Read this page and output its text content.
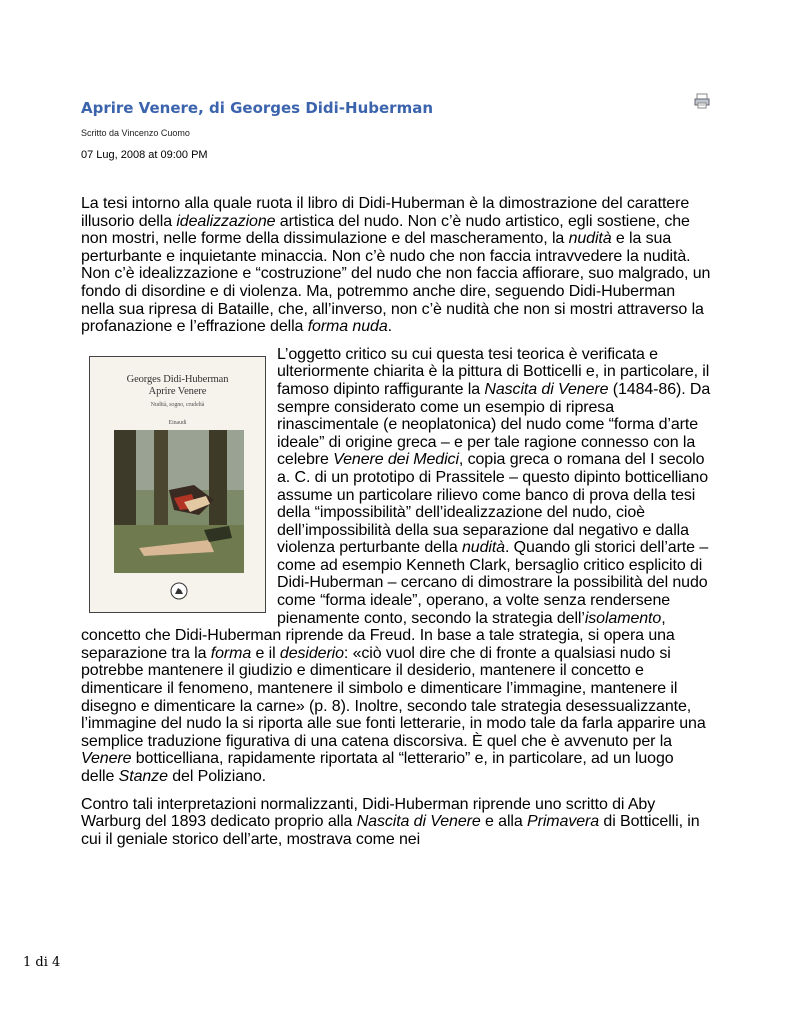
Aprire Venere, di Georges Didi-Huberman
Scritto da Vincenzo Cuomo
07 Lug, 2008 at 09:00 PM

La tesi intorno alla quale ruota il libro di Didi-Huberman è la dimostrazione del carattere illusorio della idealizzazione artistica del nudo. Non c’è nudo artistico, egli sostiene, che non mostri, nelle forme della dissimulazione e del mascheramento, la nudità e la sua perturbante e inquietante minaccia. Non c’è nudo che non faccia intravvedere la nudità. Non c’è idealizzazione e “costruzione” del nudo che non faccia affiorare, suo malgrado, un fondo di disordine e di violenza. Ma, potremmo anche dire, seguendo Didi-Huberman nella sua ripresa di Bataille, che, all’inverso, non c’è nudità che non si mostri attraverso la profanazione e l’effrazione della forma nuda.

Georges Didi-Huberman
Aprire Venere
Nudità, sogno, crudeltà
Einaudi

L’oggetto critico su cui questa tesi teorica è verificata e ulteriormente chiarita è la pittura di Botticelli e, in particolare, il famoso dipinto raffigurante la Nascita di Venere (1484-86). Da sempre considerato come un esempio di ripresa rinascimentale (e neoplatonica) del nudo come “forma d’arte ideale” di origine greca – e per tale ragione connesso con la celebre Venere dei Medici, copia greca o romana del I secolo a. C. di un prototipo di Prassitele – questo dipinto botticelliano assume un particolare rilievo come banco di prova della tesi della “impossibilità” dell’idealizzazione del nudo, cioè dell’impossibilità della sua separazione dal negativo e dalla violenza perturbante della nudità. Quando gli storici dell’arte – come ad esempio Kenneth Clark, bersaglio critico esplicito di Didi-Huberman – cercano di dimostrare la possibilità del nudo come “forma ideale”, operano, a volte senza rendersene pienamente conto, secondo la strategia dell’isolamento, concetto che Didi-Huberman riprende da Freud. In base a tale strategia, si opera una separazione tra la forma e il desiderio: «ciò vuol dire che di fronte a qualsiasi nudo si potrebbe mantenere il giudizio e dimenticare il desiderio, mantenere il concetto e dimenticare il fenomeno, mantenere il simbolo e dimenticare l’immagine, mantenere il disegno e dimenticare la carne» (p. 8). Inoltre, secondo tale strategia desessualizzante, l’immagine del nudo la si riporta alle sue fonti letterarie, in modo tale da farla apparire una semplice traduzione figurativa di una catena discorsiva. È quel che è avvenuto per la Venere botticelliana, rapidamente riportata al “letterario” e, in particolare, ad un luogo delle Stanze del Poliziano.

Contro tali interpretazioni normalizzanti, Didi-Huberman riprende uno scritto di Aby Warburg del 1893 dedicato proprio alla Nascita di Venere e alla Primavera di Botticelli, in cui il geniale storico dell’arte, mostrava come nei

1 di 4
